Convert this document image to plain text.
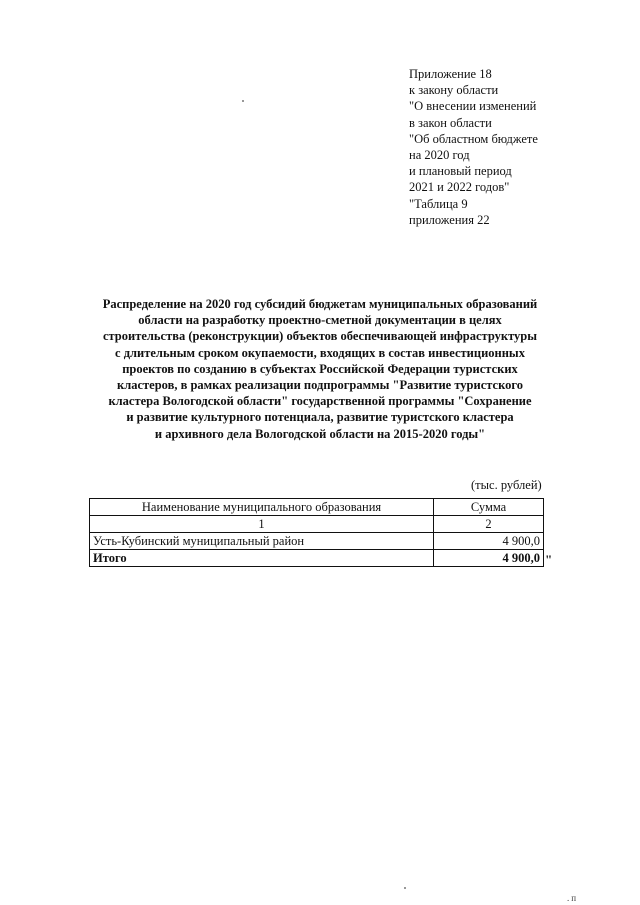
Приложение 18
к закону области
"О внесении изменений
в закон области
"Об областном бюджете
на 2020 год
и плановый период
2021 и 2022 годов"
"Таблица 9
приложения 22
Распределение на 2020 год субсидий бюджетам муниципальных образований
области на разработку проектно-сметной документации в целях
строительства (реконструкции) объектов обеспечивающей инфраструктуры
с длительным сроком окупаемости, входящих в состав инвестиционных
проектов по созданию в субъектах Российской Федерации туристских
кластеров, в рамках реализации подпрограммы "Развитие туристского
кластера Вологодской области" государственной программы "Сохранение
и развитие культурного потенциала, развитие туристского кластера
и архивного дела Вологодской области на 2015-2020 годы"
(тыс. рублей)
Наименование муниципального образования	Сумма
1	2
Усть-Кубинский муниципальный район	4 900,0
Итого	4 900,0 "
.п
